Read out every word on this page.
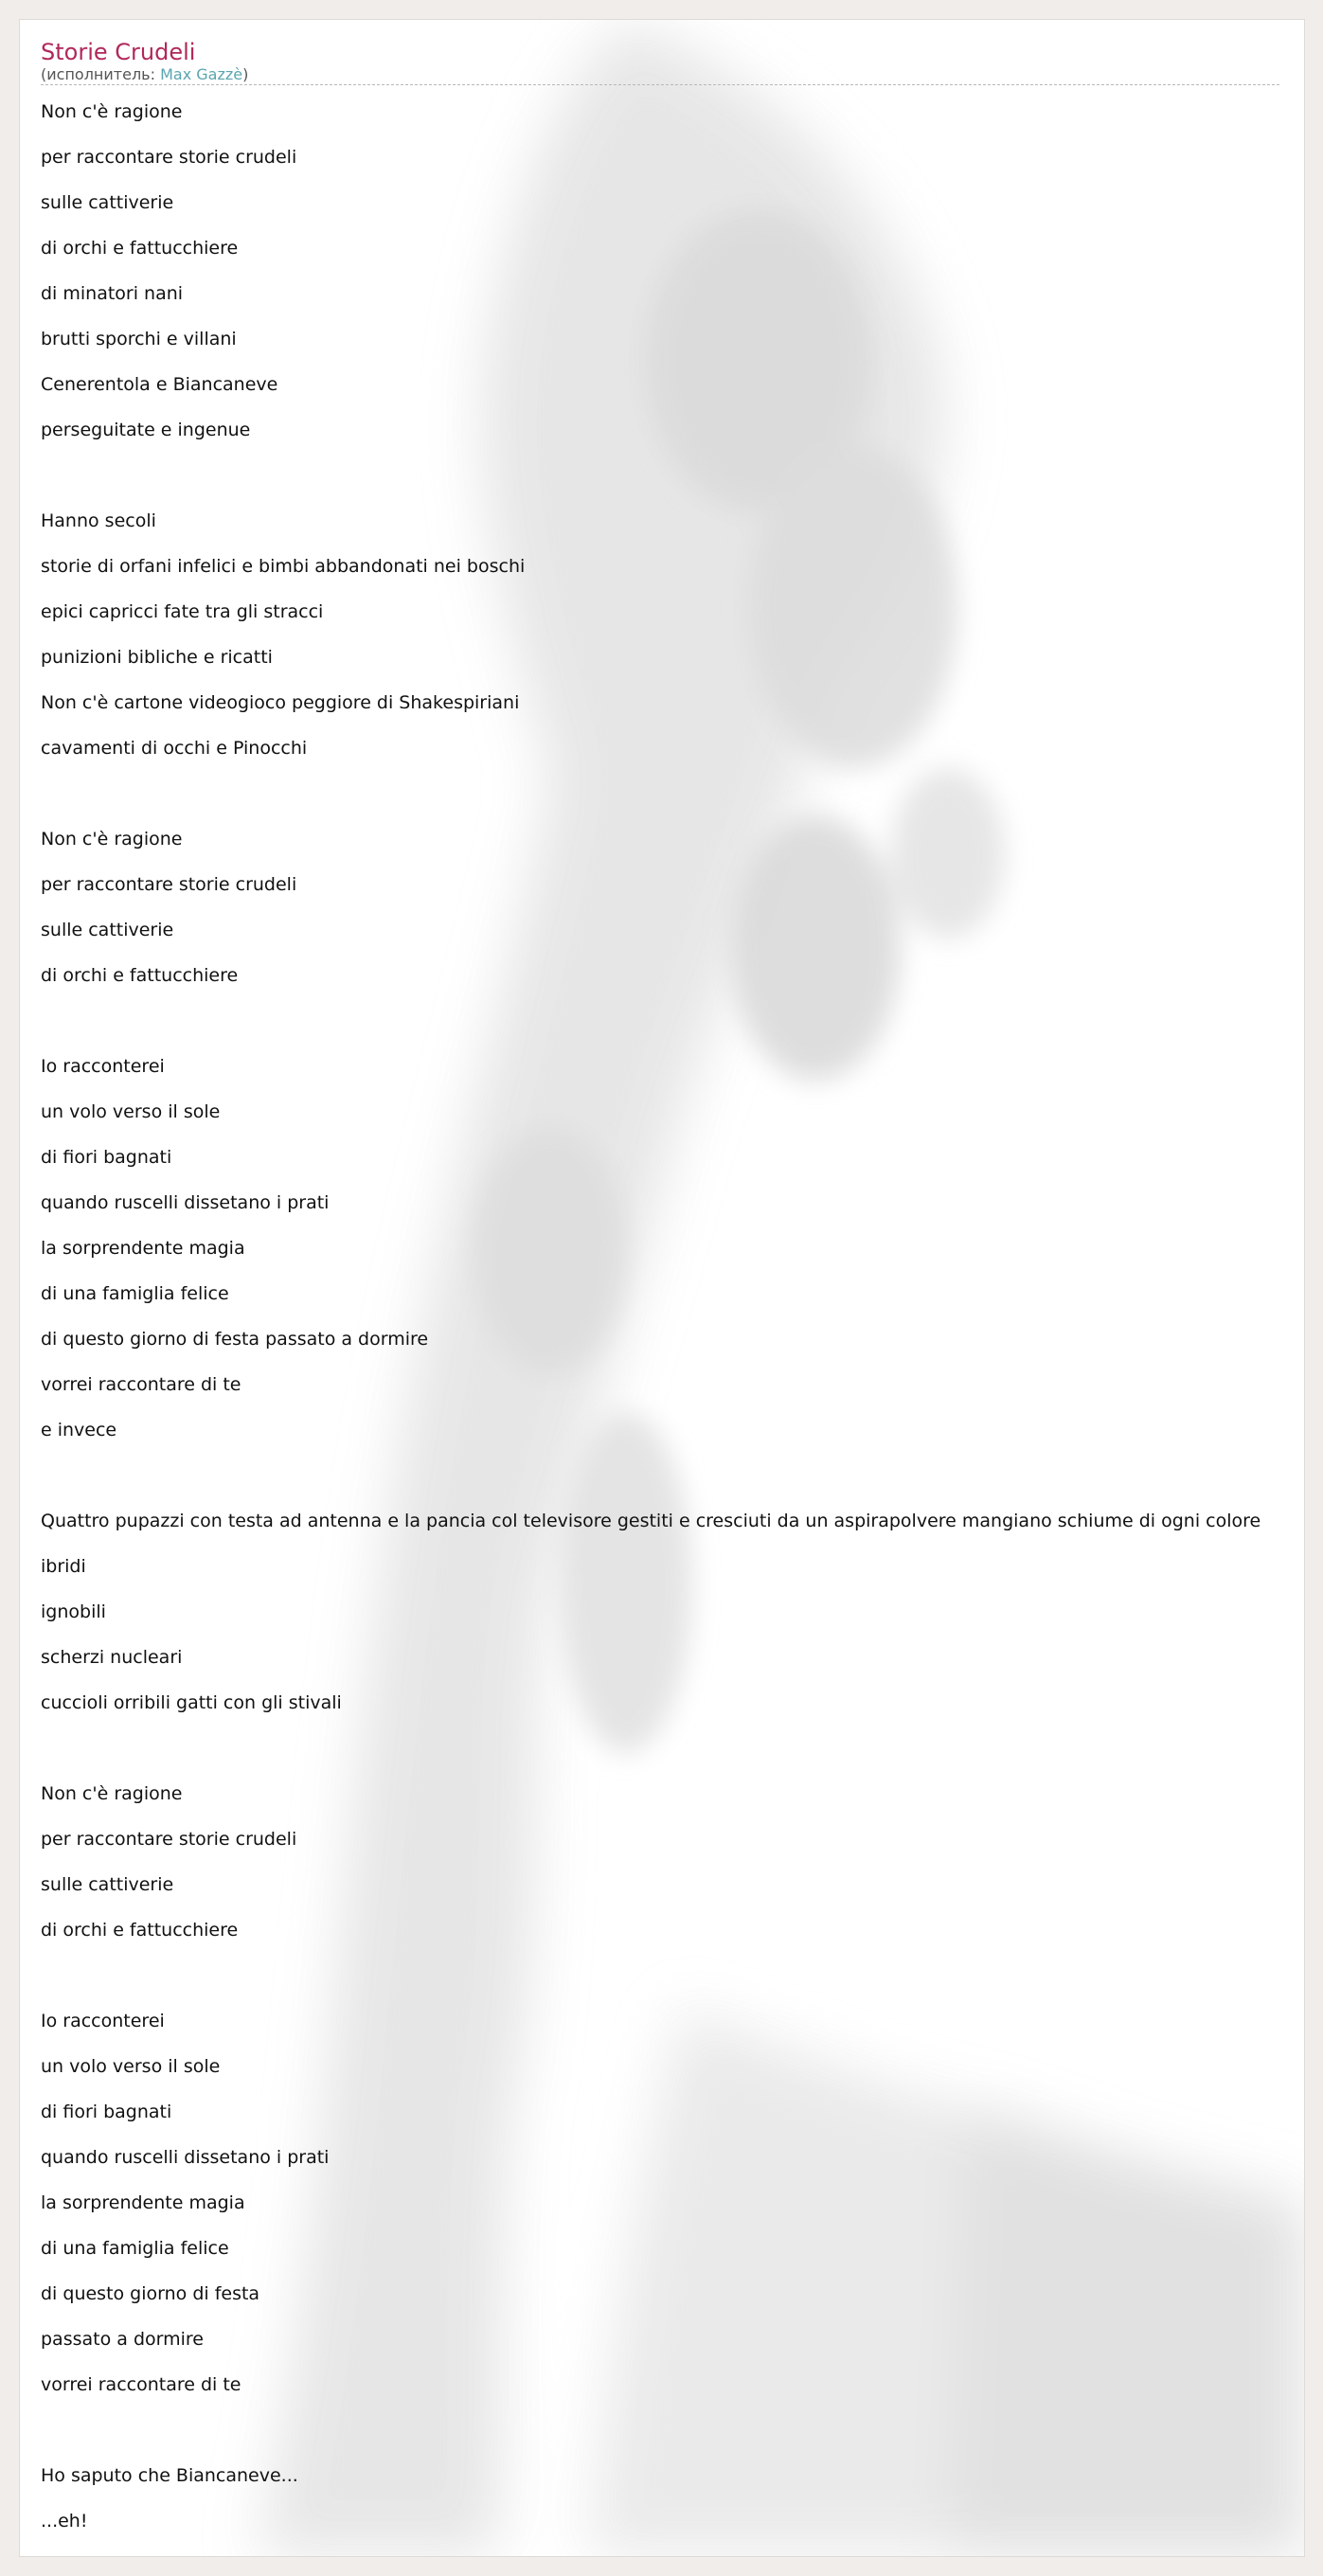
Storie Crudeli
(исполнитель: Max Gazzè)
Non c'è ragione
per raccontare storie crudeli
sulle cattiverie
di orchi e fattucchiere
di minatori nani
brutti sporchi e villani
Cenerentola e Biancaneve
perseguitate e ingenue
Hanno secoli
storie di orfani infelici e bimbi abbandonati nei boschi
epici capricci fate tra gli stracci
punizioni bibliche e ricatti
Non c'è cartone videogioco peggiore di Shakespiriani
cavamenti di occhi e Pinocchi
Non c'è ragione
per raccontare storie crudeli
sulle cattiverie
di orchi e fattucchiere
Io racconterei
un volo verso il sole
di fiori bagnati
quando ruscelli dissetano i prati
la sorprendente magia
di una famiglia felice
di questo giorno di festa passato a dormire
vorrei raccontare di te
e invece
Quattro pupazzi con testa ad antenna e la pancia col televisore gestiti e cresciuti da un aspirapolvere mangiano schiume di ogni colore
ibridi
ignobili
scherzi nucleari
cuccioli orribili gatti con gli stivali
Non c'è ragione
per raccontare storie crudeli
sulle cattiverie
di orchi e fattucchiere
Io racconterei
un volo verso il sole
di fiori bagnati
quando ruscelli dissetano i prati
la sorprendente magia
di una famiglia felice
di questo giorno di festa
passato a dormire
vorrei raccontare di te
Ho saputo che Biancaneve...
...eh!
